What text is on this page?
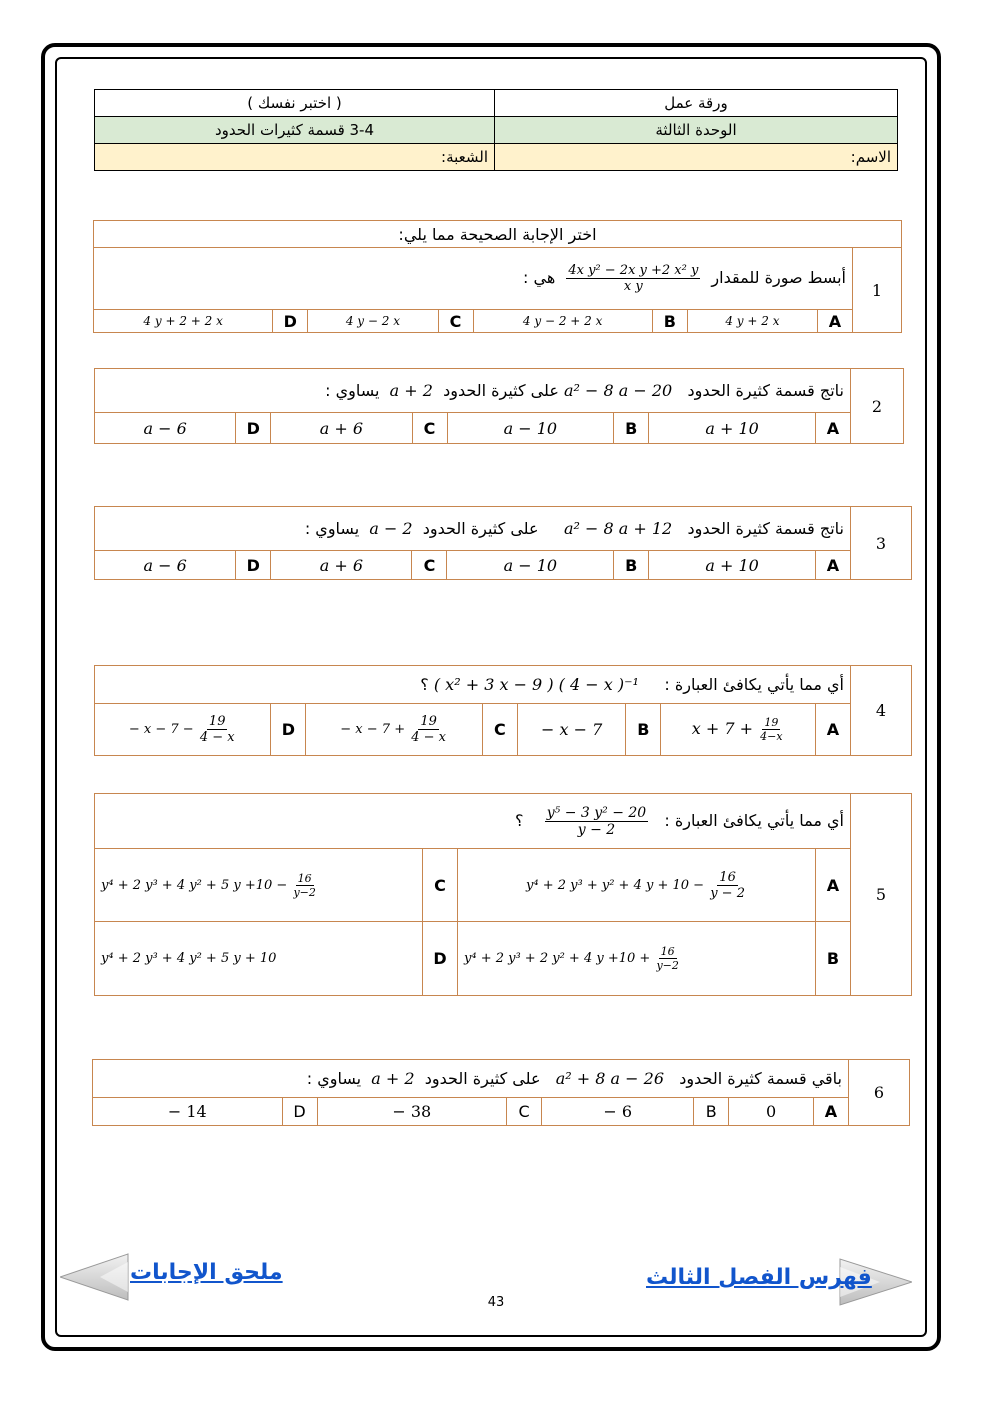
ورقة عمل	( اختبر نفسك )
الوحدة الثالثة	3-4 قسمة كثيرات الحدود
الاسم:	الشعبة:
اختر الإجابة الصحيحة مما يلي:								
1	أبسط صورة للمقدار
$\frac{\text{4x y² − 2x y +2 x² y}}{\text{x y}}$
هي :							
	A	4 y + 2 x	B	4 y − 2 + 2 x	C	4 y − 2 x	D	4 y + 2 + 2 x
2	ناتج قسمة كثيرة الحدود   a² − 8 a − 20 على كثيرة الحدود  a + 2  يساوي :							
	A	a + 10	B	a − 10	C	a + 6	D	a − 6
3	ناتج قسمة كثيرة الحدود   a² − 8 a + 12     على كثيرة الحدود  a − 2  يساوي :							
	A	a + 10	B	a − 10	C	a + 6	D	a − 6
4	أي مما يأتي يكافئ العبارة :     ( x² + 3 x − 9 ) ( 4 − x )⁻¹ ؟							
	A	$x + 7 + \frac{19}{4-x}$	B	− x − 7	C	− $x - 7 + \frac{19}{4 - x}$	D	− $x - 7 - \frac{19}{4 - x}$
5	أي مما يأتي يكافئ العبارة :
$\frac{\text{y⁵ − 3 y² − 20}}{y - 2}$
؟			
	A	y⁴ + 2 y³ + y² + 4 $y + 10 - \frac{16}{y - 2}$	C	y⁴ + 2 y³ + 4 y² + 5 $y +10 - \frac{16}{y-2}$

	B	y⁴ + 2 y³ + 2 y² + 4 $y +10 + \frac{16}{y-2}$	D	y⁴ + 2 y³ + 4 y² + 5 y + 10
6	باقي قسمة كثيرة الحدود   a² + 8 a − 26   على كثيرة الحدود  a + 2  يساوي :							
	A	0	B	− 6	C	− 38	D	− 14
ملحق الإجابات	فهرس الفصل الثالث
43
